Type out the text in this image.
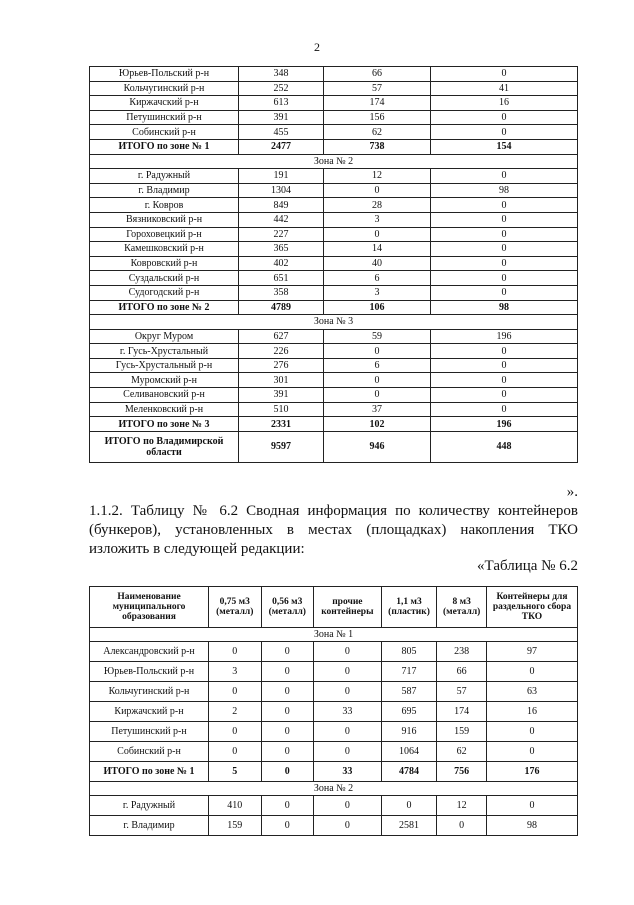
2
Юрьев-Польский р-н	348	66	0
Кольчугинский р-н	252	57	41
Киржачский р-н	613	174	16
Петушинский р-н	391	156	0
Собинский р-н	455	62	0
ИТОГО по зоне № 1	2477	738	154
Зона № 2			
г. Радужный	191	12	0
г. Владимир	1304	0	98
г. Ковров	849	28	0
Вязниковский р-н	442	3	0
Гороховецкий р-н	227	0	0
Камешковский р-н	365	14	0
Ковровский р-н	402	40	0
Суздальский р-н	651	6	0
Судогодский р-н	358	3	0
ИТОГО по зоне № 2	4789	106	98
Зона № 3			
Округ Муром	627	59	196
г. Гусь-Хрустальный	226	0	0
Гусь-Хрустальный р-н	276	6	0
Муромский р-н	301	0	0
Селивановский р-н	391	0	0
Меленковский р-н	510	37	0
ИТОГО по зоне № 3	2331	102	196
ИТОГО по Владимирской области	9597	946	448
».
1.1.2. Таблицу № 6.2 Сводная информация по количеству контейнеров (бункеров), установленных в местах (площадках) накопления ТКО изложить в следующей редакции:
«Таблица № 6.2
Наименование муниципального образования	0,75 м3 (металл)	0,56 м3 (металл)	прочие контейнеры	1,1 м3 (пластик)	8 м3 (металл)	Контейнеры для раздельного сбора ТКО
Зона № 1						
Александровский р-н	0	0	0	805	238	97
Юрьев-Польский р-н	3	0	0	717	66	0
Кольчугинский р-н	0	0	0	587	57	63
Киржачский р-н	2	0	33	695	174	16
Петушинский р-н	0	0	0	916	159	0
Собинский р-н	0	0	0	1064	62	0
ИТОГО по зоне № 1	5	0	33	4784	756	176
Зона № 2						
г. Радужный	410	0	0	0	12	0
г. Владимир	159	0	0	2581	0	98
